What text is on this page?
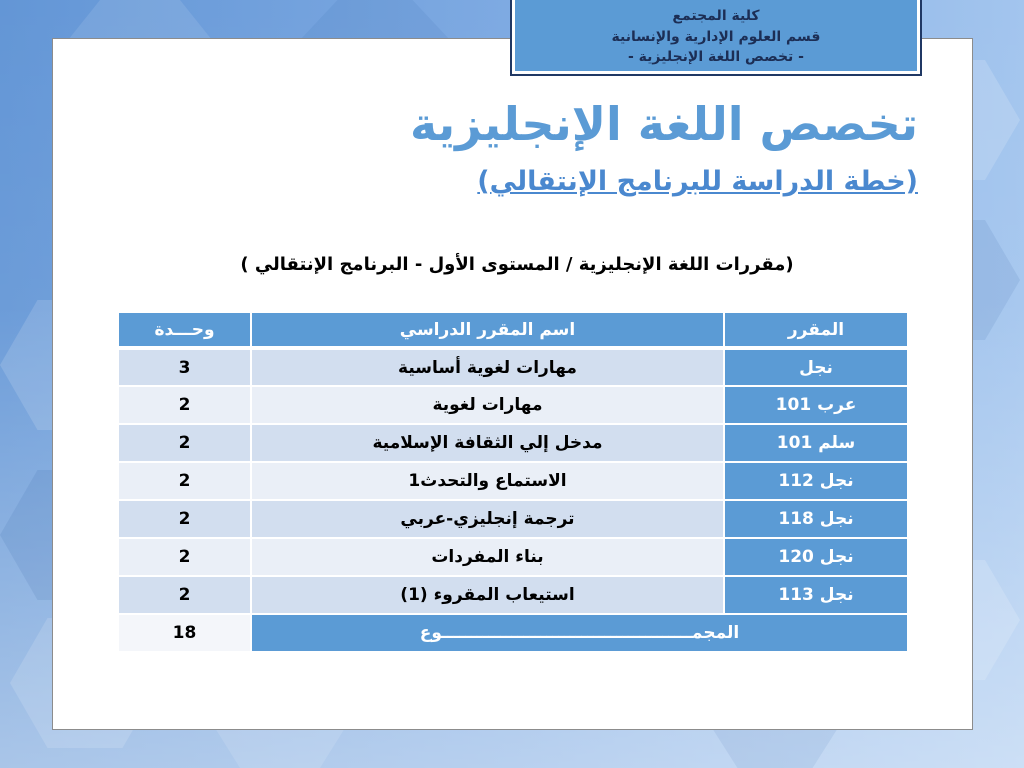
كلية المجتمع
قسم العلوم الإدارية والإنسانية
- تخصص اللغة الإنجليزية -
تخصص اللغة الإنجليزية
(خطة الدراسة للبرنامج الإنتقالي)
(مقررات اللغة الإنجليزية / المستوى الأول - البرنامج الإنتقالي )
المقرر	اسم المقرر الدراسي	وحـــدة
نجل	مهارات لغوية أساسية	3
101 عرب	مهارات لغوية	2
101 سلم	مدخل إلي الثقافة الإسلامية	2
112 نجل	الاستماع والتحدث1	2
118 نجل	ترجمة إنجليزي-عربي	2
120 نجل	بناء المفردات	2
113 نجل	استيعاب المقروء (1)	2
المجمـــــــــــــــــــــــــــــــــــــــــــوع		18
